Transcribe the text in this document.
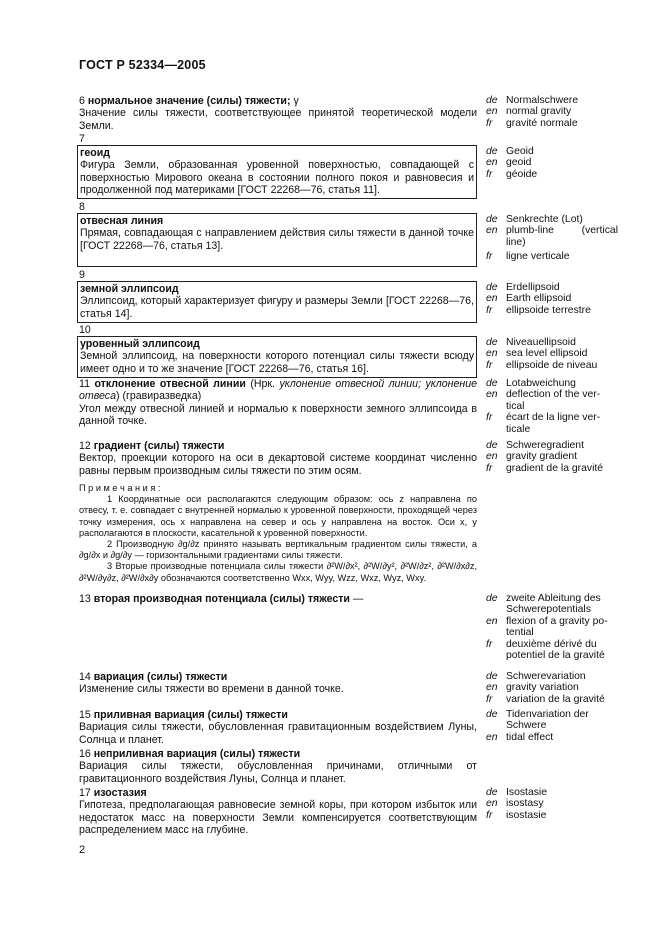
ГОСТ Р 52334—2005

6 нормальное значение (силы) тяжести; γ

Значение силы тяжести, соответствующее принятой теоретической модели Земли.

de Normalschwere
en normal gravity
fr	gravité normale
7

геоид

Фигура Земли, образованная уровенной поверхностью, совпадающей с поверхностью Мирового океана в состоянии полного покоя и равновесия и продолженной под материками [ГОСТ 22268—76, статья 11].

de Geoid
en geoid
fr	géoide
8

отвесная линия

Прямая, совпадающая с направлением действия силы тяжести в данной точке [ГОСТ 22268—76, статья 13].

de Senkrechte (Lot)
en plumb-line	(vertical
line)
fr	ligne verticale
9

земной эллипсоид

Эллипсоид, который характеризует фигуру и размеры Земли [ГОСТ 22268—76, статья 14].

de Erdellipsoid
en Earth ellipsoid
fr	ellipsoide terrestre
10

уровенный эллипсоид

Земной эллипсоид, на поверхности которого потенциал силы тяжести всюду имеет одно и то же значение [ГОСТ 22268—76, статья 16].

de Niveauellipsoid
en sea level ellipsoid
fr	ellipsoide de niveau

11 отклонение отвесной линии (Нрк. уклонение отвесной линии; уклонение отвеса) (гравиразведка)

Угол между отвесной линией и нормалью к поверхности земного эллипсоида в данной точке.

de Lotabweichung
en deflection of the ver-
tical
fr	écart de la ligne ver-
ticale

12 градиент (силы) тяжести

Вектор, проекции которого на оси в декартовой системе координат численно равны первым производным силы тяжести по этим осям.

de Schweregradient
en gravity gradient
fr	gradient de la gravité

П р и м е ч а н и я :

1 Координатные оси располагаются следующим образом: ось z направлена по отвесу, т. е. совпадает с внутренней нормалью к уровенной поверхности, проходящей через точку измерения, ось x направлена на север и ось y направлена на восток. Оси x, y располагаются в плоскости, касательной к уровенной поверхности.

2 Производную ∂g/∂z принято называть вертикальным градиентом силы тяжести, а ∂g/∂x и ∂g/∂y — горизонтальными градиентами силы тяжести.

3 Вторые производные потенциала силы тяжести ∂²W/∂x², ∂²W/∂y², ∂²W/∂z², ∂²W/∂x∂z, ∂²W/∂y∂z, ∂²W/∂x∂y обозначаются соответственно Wxx, Wyy, Wzz, Wxz, Wyz, Wxy.

13 вторая производная потенциала (силы) тяжести —	de zweite Ableitung des
Schwerepotentials
en flexion of a gravity po-
tential
fr	deuxième dérivé du
potentiel de la gravité

14 вариация (силы) тяжести

Изменение силы тяжести во времени в данной точке.

de Schwerevariation
en gravity variation
fr	variation de la gravité

15 приливная вариация (силы) тяжести

Вариация силы тяжести, обусловленная гравитационным воздействием Луны, Солнца и планет.

de Tidenvariation der
Schwere
en tidal effect

16 неприливная вариация (силы) тяжести

Вариация силы тяжести, обусловленная причинами, отличными от гравитационного воздействия Луны, Солнца и планет.

17 изостазия

Гипотеза, предполагающая равновесие земной коры, при котором избыток или недостаток масс на поверхности Земли компенсируется соответствующим распределением масс на глубине.

de Isostasie
en isostasy
fr	isostasie
2
